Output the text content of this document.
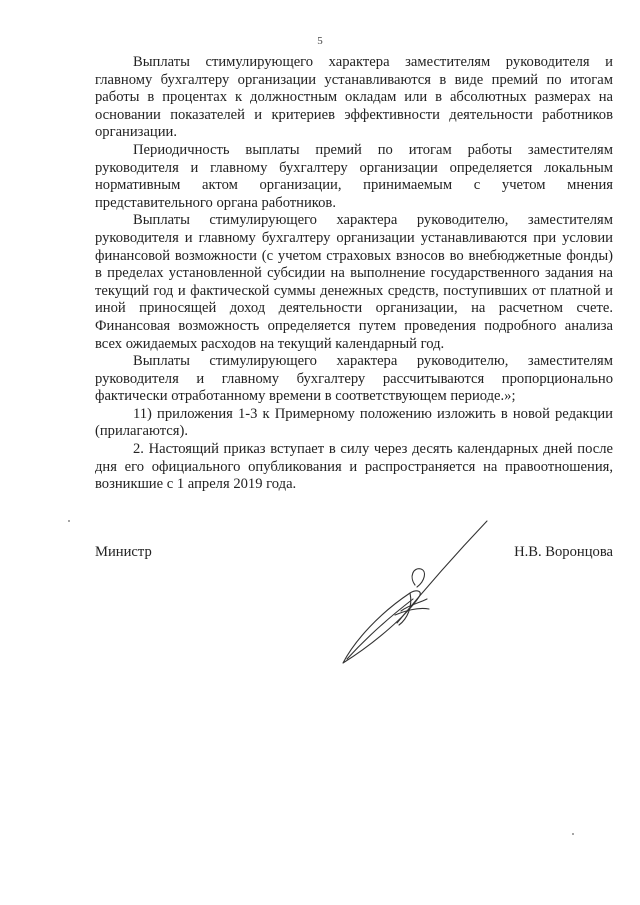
5

Выплаты стимулирующего характера заместителям руководителя и главному бухгалтеру организации устанавливаются в виде премий по итогам работы в процентах к должностным окладам или в абсолютных размерах на основании показателей и критериев эффективности деятельности работников организации.

Периодичность выплаты премий по итогам работы заместителям руководителя и главному бухгалтеру организации определяется локальным нормативным актом организации, принимаемым с учетом мнения представительного органа работников.

Выплаты стимулирующего характера руководителю, заместителям руководителя и главному бухгалтеру организации устанавливаются при условии финансовой возможности (с учетом страховых взносов во внебюджетные фонды) в пределах установленной субсидии на выполнение государственного задания на текущий год и фактической суммы денежных средств, поступивших от платной и иной приносящей доход деятельности организации, на расчетном счете. Финансовая возможность определяется путем проведения подробного анализа всех ожидаемых расходов на текущий календарный год.

Выплаты стимулирующего характера руководителю, заместителям руководителя и главному бухгалтеру рассчитываются пропорционально фактически отработанному времени в соответствующем периоде.»;

11) приложения 1-3 к Примерному положению изложить в новой редакции (прилагаются).

2. Настоящий приказ вступает в силу через десять календарных дней после дня его официального опубликования и распространяется на правоотношения, возникшие с 1 апреля 2019 года.

Министр	Н.В. Воронцова
